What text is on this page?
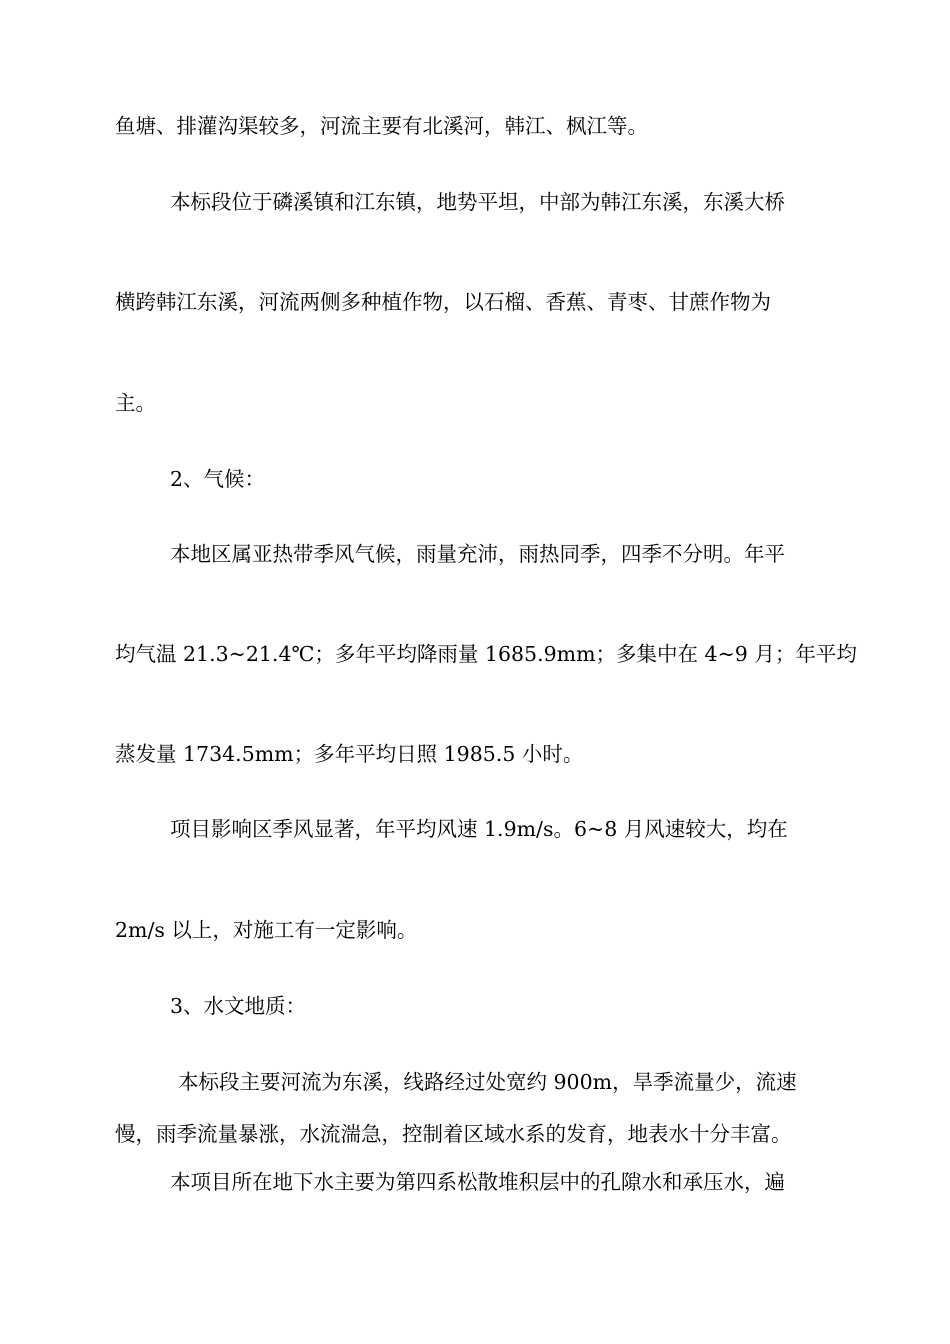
鱼塘、排灌沟渠较多，河流主要有北溪河，韩江、枫江等。

本标段位于磷溪镇和江东镇，地势平坦，中部为韩江东溪，东溪大桥

横跨韩江东溪，河流两侧多种植作物，以石榴、香蕉、青枣、甘蔗作物为

主。

2、气候：

本地区属亚热带季风气候，雨量充沛，雨热同季，四季不分明。年平

均气温 21.3~21.4℃；多年平均降雨量 1685.9mm；多集中在 4~9 月；年平均

蒸发量 1734.5mm；多年平均日照 1985.5 小时。

项目影响区季风显著，年平均风速 1.9m/s。6~8 月风速较大，均在

2m/s 以上，对施工有一定影响。

3、水文地质：

本标段主要河流为东溪，线路经过处宽约 900m，旱季流量少，流速

慢，雨季流量暴涨，水流湍急，控制着区域水系的发育，地表水十分丰富。

本项目所在地下水主要为第四系松散堆积层中的孔隙水和承压水，遍
